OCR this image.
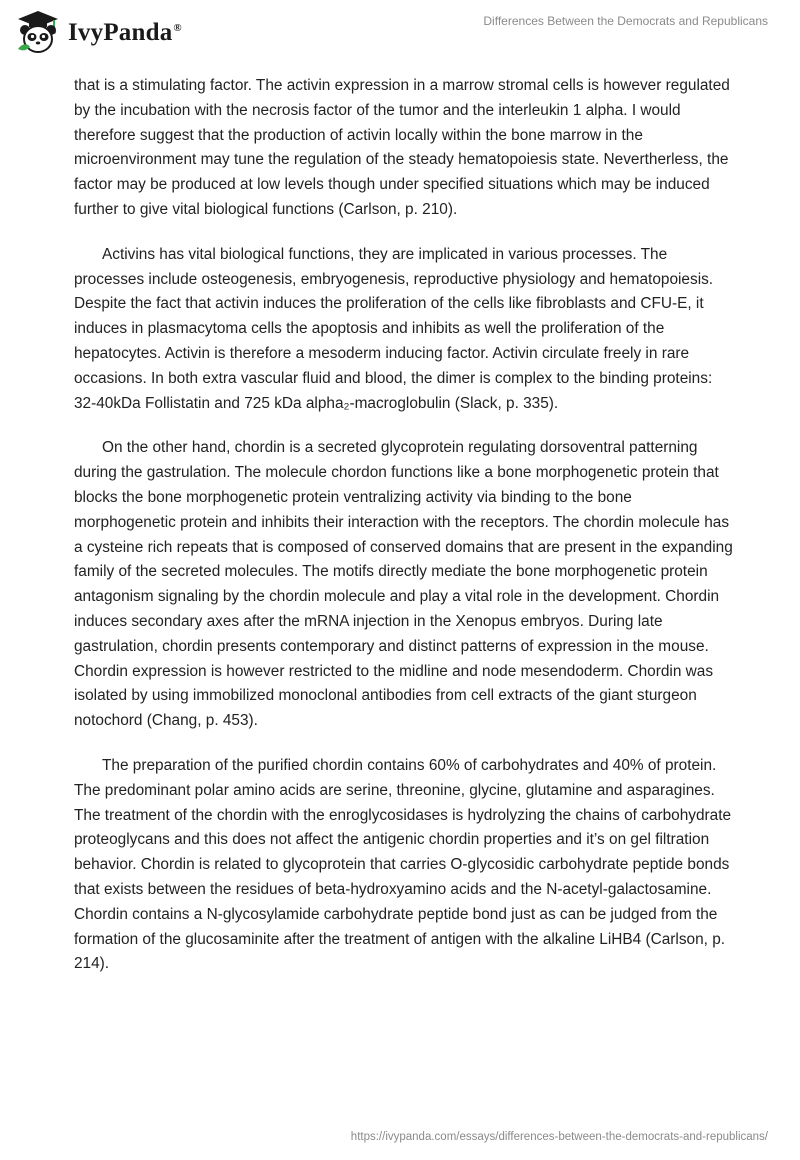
IvyPanda®	Differences Between the Democrats and Republicans

that is a stimulating factor. The activin expression in a marrow stromal cells is however regulated by the incubation with the necrosis factor of the tumor and the interleukin 1 alpha. I would therefore suggest that the production of activin locally within the bone marrow in the microenvironment may tune the regulation of the steady hematopoiesis state. Nevertherless, the factor may be produced at low levels though under specified situations which may be induced further to give vital biological functions (Carlson, p. 210).

Activins has vital biological functions, they are implicated in various processes. The processes include osteogenesis, embryogenesis, reproductive physiology and hematopoiesis. Despite the fact that activin induces the proliferation of the cells like fibroblasts and CFU-E, it induces in plasmacytoma cells the apoptosis and inhibits as well the proliferation of the hepatocytes. Activin is therefore a mesoderm inducing factor. Activin circulate freely in rare occasions. In both extra vascular fluid and blood, the dimer is complex to the binding proteins: 32-40kDa Follistatin and 725 kDa alpha₂-macroglobulin (Slack, p. 335).

On the other hand, chordin is a secreted glycoprotein regulating dorsoventral patterning during the gastrulation. The molecule chordon functions like a bone morphogenetic protein that blocks the bone morphogenetic protein ventralizing activity via binding to the bone morphogenetic protein and inhibits their interaction with the receptors. The chordin molecule has a cysteine rich repeats that is composed of conserved domains that are present in the expanding family of the secreted molecules. The motifs directly mediate the bone morphogenetic protein antagonism signaling by the chordin molecule and play a vital role in the development. Chordin induces secondary axes after the mRNA injection in the Xenopus embryos. During late gastrulation, chordin presents contemporary and distinct patterns of expression in the mouse. Chordin expression is however restricted to the midline and node mesendoderm. Chordin was isolated by using immobilized monoclonal antibodies from cell extracts of the giant sturgeon notochord (Chang, p. 453).

The preparation of the purified chordin contains 60% of carbohydrates and 40% of protein. The predominant polar amino acids are serine, threonine, glycine, glutamine and asparagines. The treatment of the chordin with the enroglycosidases is hydrolyzing the chains of carbohydrate proteoglycans and this does not affect the antigenic chordin properties and it’s on gel filtration behavior. Chordin is related to glycoprotein that carries O-glycosidic carbohydrate peptide bonds that exists between the residues of beta-hydroxyamino acids and the N-acetyl-galactosamine. Chordin contains a N-glycosylamide carbohydrate peptide bond just as can be judged from the formation of the glucosaminite after the treatment of antigen with the alkaline LiHB4 (Carlson, p. 214).

https://ivypanda.com/essays/differences-between-the-democrats-and-republicans/
